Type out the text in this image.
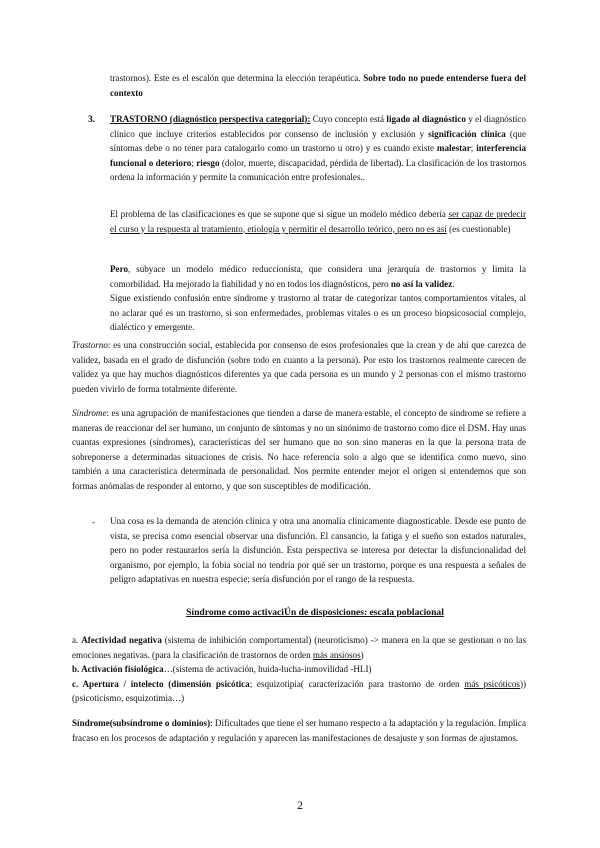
trastornos). Este es el escalón que determina la elección terapéutica. Sobre todo no puede entenderse fuera del contexto
3. TRASTORNO (diagnóstico perspectiva categorial): Cuyo concepto está ligado al diagnóstico y el diagnóstico clínico que incluye criterios establecidos por consenso de inclusión y exclusión y significación clínica (que síntomas debe o no tener para catalogarlo como un trastorno u otro) y es cuando existe malestar; interferencia funcional o deterioro; riesgo (dolor, muerte, discapacidad, pérdida de libertad). La clasificación de los trastornos ordena la información y permite la comunicación entre profesionales..
El problema de las clasificaciones es que se supone que si sigue un modelo médico debería ser capaz de predecir el curso y la respuesta al tratamiento, etiología y permitir el desarrollo teórico, pero no es así (es cuestionable)

Pero, subyace un modelo médico reduccionista, que considera una jerarquía de trastornos y limita la comorbilidad. Ha mejorado la fiabilidad y no en todos los diagnósticos, pero no así la validez.

Sigue existiendo confusión entre síndrome y trastorno al tratar de categorizar tantos comportamientos vitales, al no aclarar qué es un trastorno, si son enfermedades, problemas vitales o es un proceso biopsicosocial complejo, dialéctico y emergente.

Trastorno: es una construcción social, establecida por consenso de esos profesionales que la crean y de ahí que carezca de validez, basada en el grado de disfunción (sobre todo en cuanto a la persona). Por esto los trastornos realmente carecen de validez ya que hay muchos diagnósticos diferentes ya que cada persona es un mundo y 2 personas con el mismo trastorno pueden vivirlo de forma totalmente diferente.
Síndrome: es una agrupación de manifestaciones que tienden a darse de manera estable, el concepto de síndrome se refiere a maneras de reaccionar del ser humano, un conjunto de síntomas y no un sinónimo de trastorno como dice el DSM. Hay unas cuantas expresiones (síndromes), características del ser humano que no son sino maneras en la que la persona trata de sobreponerse a determinadas situaciones de crisis. No hace referencia solo a algo que se identifica como nuevo, sino también a una característica determinada de personalidad. Nos permite entender mejor el origen si entendemos que son formas anómalas de responder al entorno, y que son susceptibles de modificación.
- Una cosa es la demanda de atención clínica y otra una anomalía clínicamente diagnosticable. Desde ese punto de vista, se precisa como esencial observar una disfunción. El cansancio, la fatiga y el sueño son estados naturales, pero no poder restaurarlos sería la disfunción. Esta perspectiva se interesa por detectar la disfuncionalidad del organismo, por ejemplo, la fobia social no tendría por qué ser un trastorno, porque es una respuesta a señales de peligro adaptativas en nuestra especie; sería disfunción por el rango de la respuesta.
Síndrome como activaciÚn de disposiciones: escala poblacional

a. Afectividad negativa (sistema de inhibición comportamental) (neuroticismo) -> manera en la que se gestionan o no las emociones negativas. (para la clasificación de trastornos de orden más ansiosos)

b. Activación fisiológica…(sistema de activación, huida-lucha-inmovilidad -HLI)

c. Apertura / intelecto (dimensión psicótica; esquizotipia( caracterización para trastorno de orden más psicóticos)) (psicoticismo, esquizotimia…)

Síndrome(subsíndrome o dominios): Dificultades que tiene el ser humano respecto a la adaptación y la regulación. Implica fracaso en los procesos de adaptación y regulación y aparecen las manifestaciones de desajuste y son formas de ajustamos.
2
